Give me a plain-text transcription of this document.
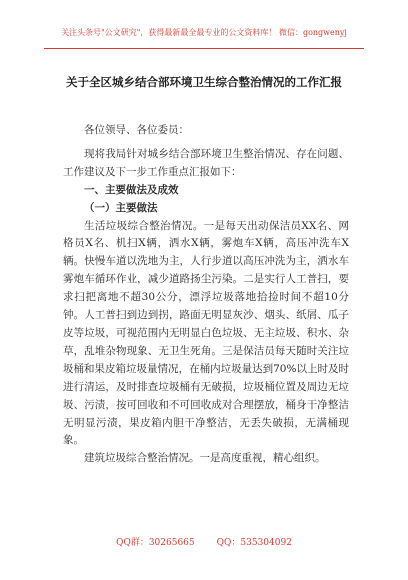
关注头条号"公文研究"，获得最新最全最专业的公文资料库！ 微信：gongwenyj
关于全区城乡结合部环境卫生综合整治情况的工作汇报

各位领导、各位委员：

现将我局针对城乡结合部环境卫生整治情况、存在问题、工作建议及下一步工作重点汇报如下：

一、主要做法及成效

（一）主要做法

生活垃圾综合整治情况。一是每天出动保洁员XX名、网格员X名、机扫X辆，洒水X辆，雾炮车X辆，高压冲洗车X辆。快慢车道以洗地为主，人行步道以高压冲洗为主，洒水车雾炮车循环作业，减少道路扬尘污染。二是实行人工普扫，要求扫把离地不超30公分，漂浮垃圾落地拾捡时间不超10分钟。人工普扫到边到拐，路面无明显灰沙、烟头、纸屑、瓜子皮等垃圾，可视范围内无明显白色垃圾、无主垃圾、积水、杂草，乱堆杂物现象、无卫生死角。三是保洁员每天随时关注垃圾桶和果皮箱垃圾量情况，在桶内垃圾量达到70%以上时及时进行清运，及时排查垃圾桶有无破损，垃圾桶位置及周边无垃圾、污渍，按可回收和不可回收成对合理摆放，桶身干净整洁无明显污渍，果皮箱内胆干净整洁，无丢失破损，无满桶现象。

建筑垃圾综合整治情况。一是高度重视，精心组织。

QQ群：30265665 QQ：535304092
